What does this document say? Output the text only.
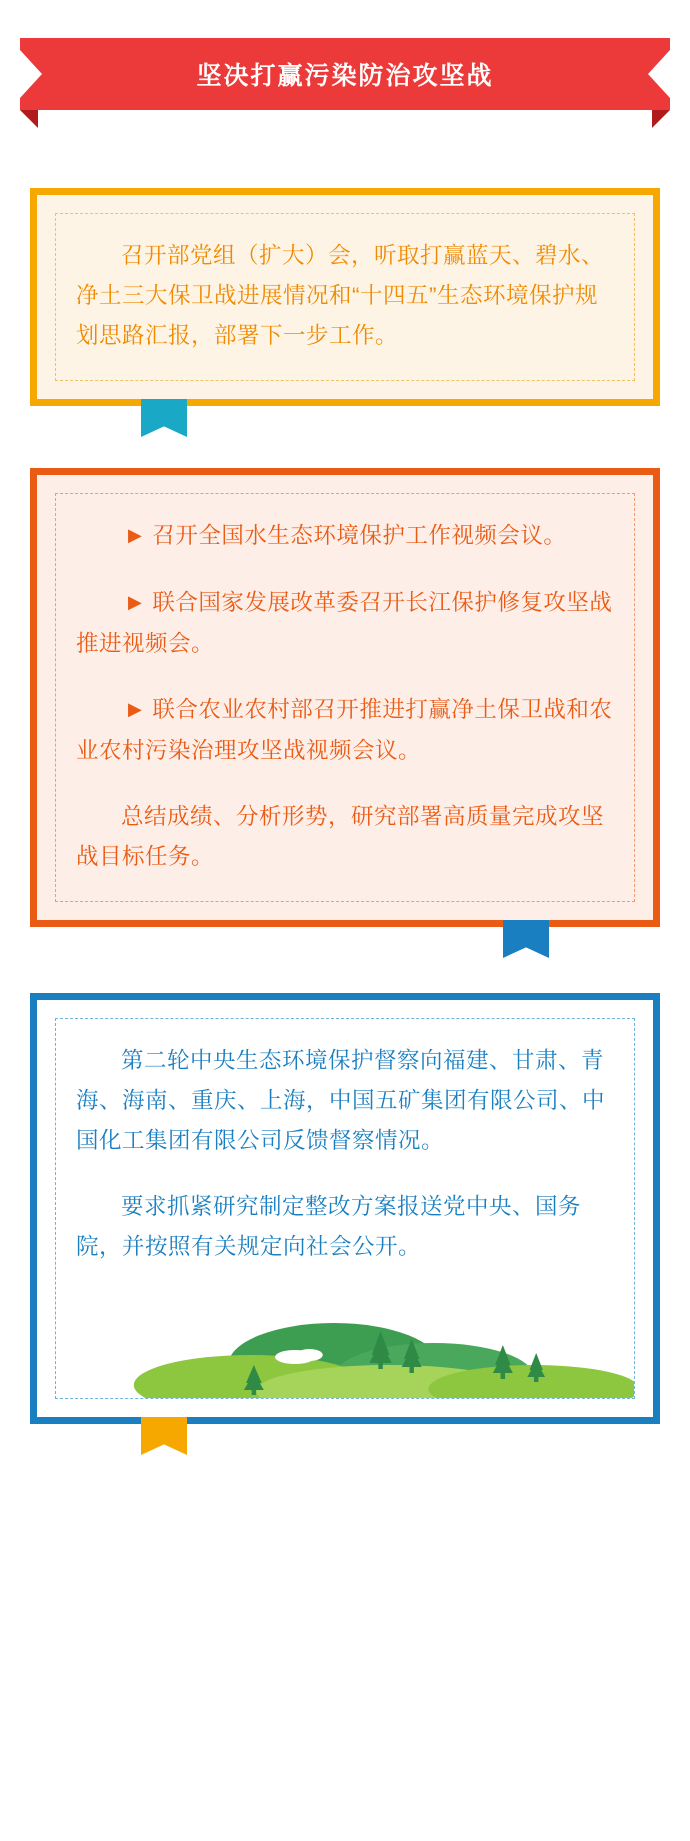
坚决打赢污染防治攻坚战

召开部党组（扩大）会，听取打赢蓝天、碧水、净土三大保卫战进展情况和“十四五”生态环境保护规划思路汇报，部署下一步工作。

▶ 召开全国水生态环境保护工作视频会议。

▶ 联合国家发展改革委召开长江保护修复攻坚战推进视频会。

▶ 联合农业农村部召开推进打赢净土保卫战和农业农村污染治理攻坚战视频会议。

总结成绩、分析形势，研究部署高质量完成攻坚战目标任务。

第二轮中央生态环境保护督察向福建、甘肃、青海、海南、重庆、上海，中国五矿集团有限公司、中国化工集团有限公司反馈督察情况。

要求抓紧研究制定整改方案报送党中央、国务院，并按照有关规定向社会公开。
